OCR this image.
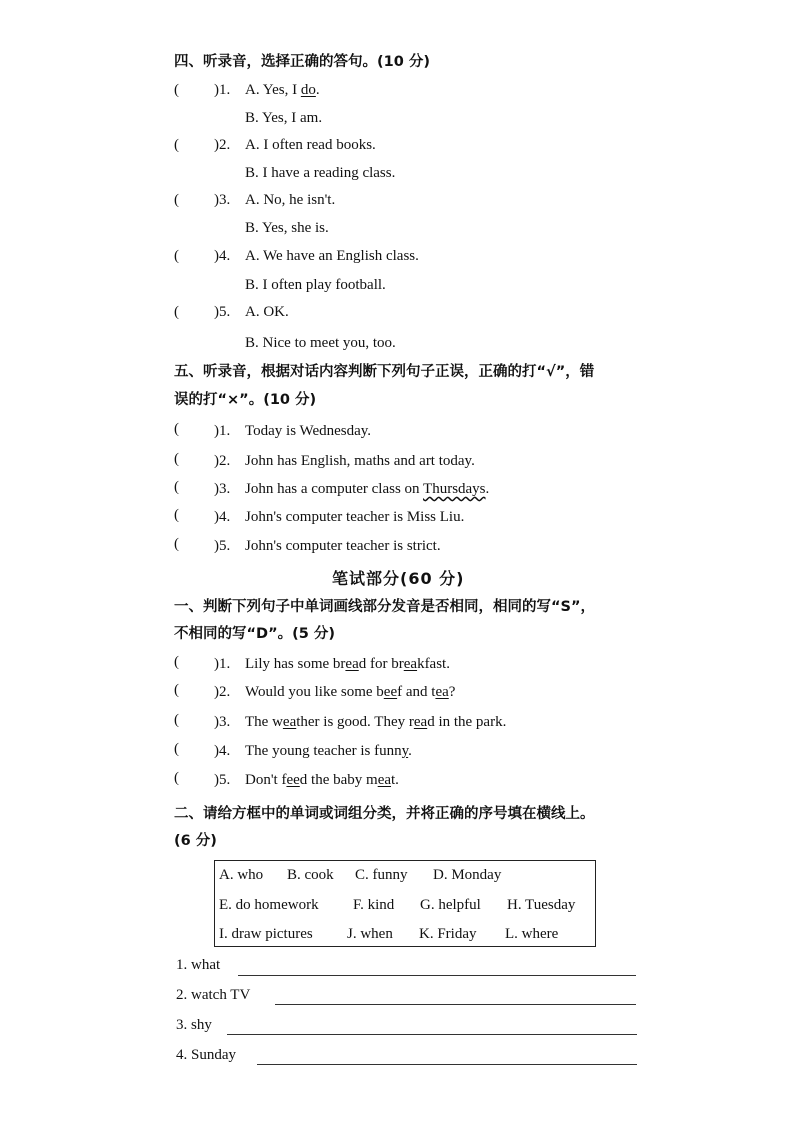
四、听录音，选择正确的答句。(10 分)
( )1. A. Yes, I do.
B. Yes, I am.
( )2. A. I often read books.
B. I have a reading class.
( )3. A. No, he isn't.
B. Yes, she is.
( )4. A. We have an English class.
B. I often play football.
( )5. A. OK.
B. Nice to meet you, too.
五、听录音，根据对话内容判断下列句子正误，正确的打“√”，错
误的打“×”。(10 分)
( )1. Today is Wednesday.
( )2. John has English, maths and art today.
( )3. John has a computer class on Thursdays.
( )4. John's computer teacher is Miss Liu.
( )5. John's computer teacher is strict.
笔试部分(60 分)
一、判断下列句子中单词画线部分发音是否相同，相同的写“S”，
不相同的写“D”。(5 分)
( )1. Lily has some bread for breakfast.
( )2. Would you like some beef and tea?
( )3. The weather is good. They read in the park.
( )4. The young teacher is funny.
( )5. Don't feed the baby meat.
二、请给方框中的单词或词组分类，并将正确的序号填在横线上。
(6 分)
A. who B. cook C. funny D. Monday
E. do homework F. kind G. helpful H. Tuesday
I. draw pictures J. when K. Friday L. where
1. what
2. watch TV
3. shy
4. Sunday
